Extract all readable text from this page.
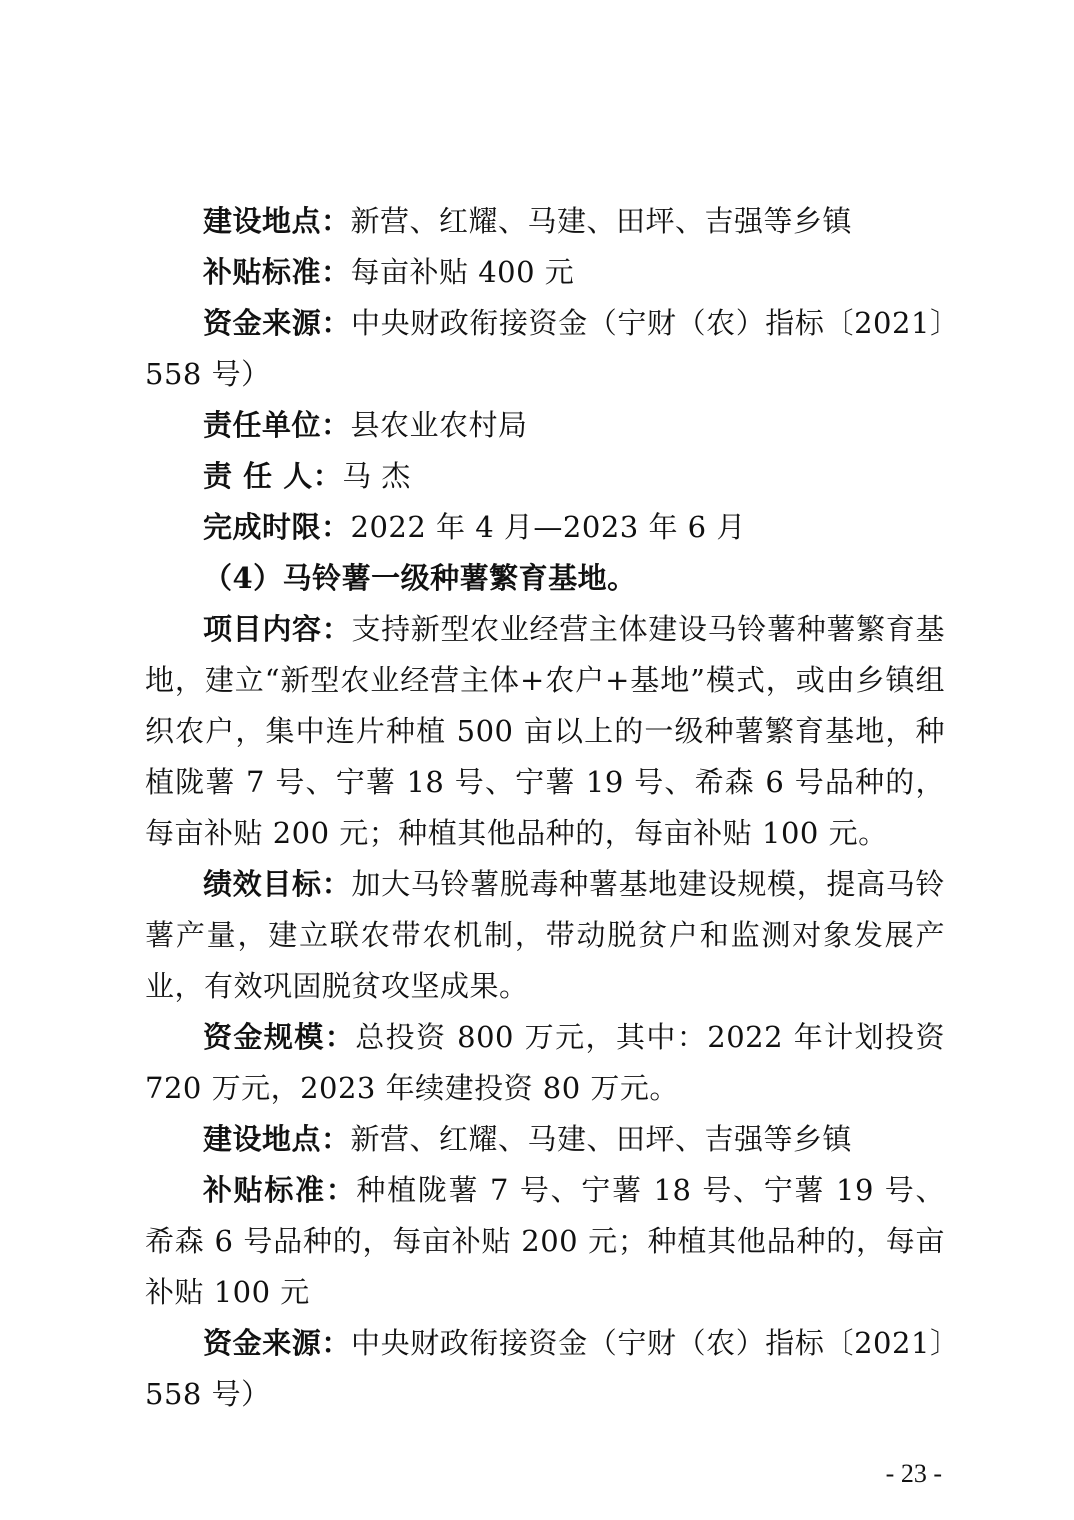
建设地点：新营、红耀、马建、田坪、吉强等乡镇

补贴标准：每亩补贴 400 元

资金来源：中央财政衔接资金（宁财（农）指标〔2021〕558 号）

责任单位：县农业农村局

责 任 人：马 杰

完成时限：2022 年 4 月—2023 年 6 月

（4）马铃薯一级种薯繁育基地。

项目内容：支持新型农业经营主体建设马铃薯种薯繁育基地，建立“新型农业经营主体+农户+基地”模式，或由乡镇组织农户，集中连片种植 500 亩以上的一级种薯繁育基地，种植陇薯 7 号、宁薯 18 号、宁薯 19 号、希森 6 号品种的，每亩补贴 200 元；种植其他品种的，每亩补贴 100 元。

绩效目标：加大马铃薯脱毒种薯基地建设规模，提高马铃薯产量，建立联农带农机制，带动脱贫户和监测对象发展产业，有效巩固脱贫攻坚成果。

资金规模：总投资 800 万元，其中：2022 年计划投资 720 万元，2023 年续建投资 80 万元。

建设地点：新营、红耀、马建、田坪、吉强等乡镇

补贴标准：种植陇薯 7 号、宁薯 18 号、宁薯 19 号、希森 6 号品种的，每亩补贴 200 元；种植其他品种的，每亩补贴 100 元

资金来源：中央财政衔接资金（宁财（农）指标〔2021〕558 号）

- 23 -
